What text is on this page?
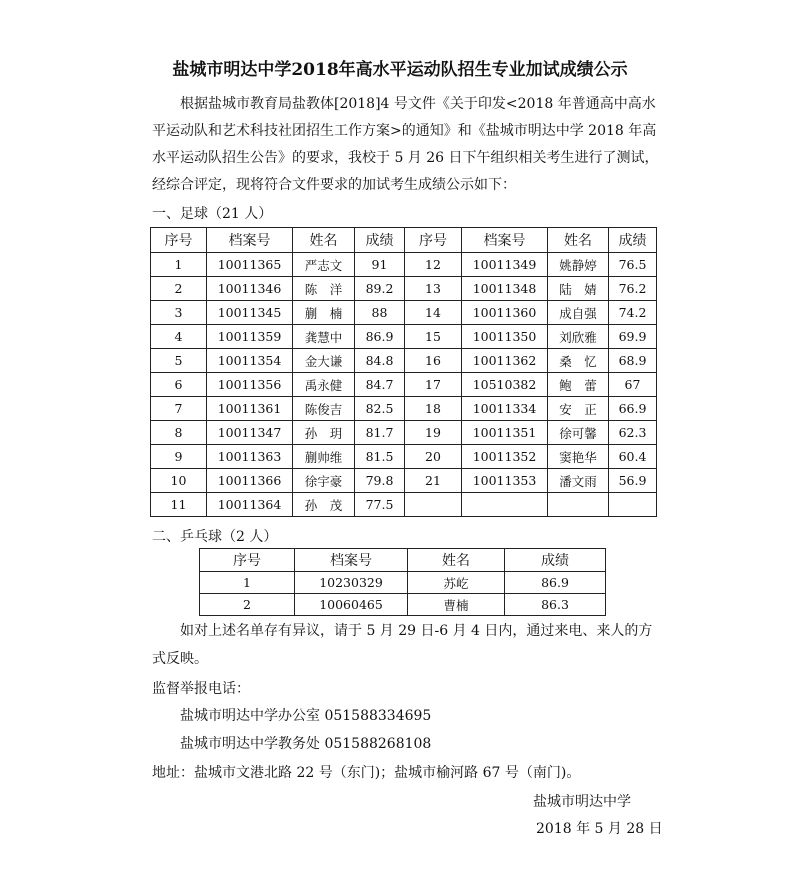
盐城市明达中学2018年高水平运动队招生专业加试成绩公示
根据盐城市教育局盐教体[2018]4 号文件《关于印发<2018 年普通高中高水
平运动队和艺术科技社团招生工作方案>的通知》和《盐城市明达中学 2018 年高
水平运动队招生公告》的要求，我校于 5 月 26 日下午组织相关考生进行了测试，
经综合评定，现将符合文件要求的加试考生成绩公示如下：
一、足球（21 人）
序号	档案号	姓名	成绩	序号	档案号	姓名	成绩
1	10011365	严志文	91	12	10011349	姚静婷	76.5
2	10011346	陈　洋	89.2	13	10011348	陆　婧	76.2
3	10011345	蒯　楠	88	14	10011360	成自强	74.2
4	10011359	龚慧中	86.9	15	10011350	刘欣雅	69.9
5	10011354	金大谦	84.8	16	10011362	桑　忆	68.9
6	10011356	禹永健	84.7	17	10510382	鲍　蕾	67
7	10011361	陈俊吉	82.5	18	10011334	安　正	66.9
8	10011347	孙　玥	81.7	19	10011351	徐可馨	62.3
9	10011363	蒯帅维	81.5	20	10011352	窦艳华	60.4
10	10011366	徐宇豪	79.8	21	10011353	潘文雨	56.9
11	10011364	孙　茂	77.5				
二、乒乓球（2 人）
序号	档案号	姓名	成绩
1	10230329	苏屹	86.9
2	10060465	曹楠	86.3
如对上述名单存有异议，请于 5 月 29 日-6 月 4 日内，通过来电、来人的方
式反映。
监督举报电话：
盐城市明达中学办公室 051588334695
盐城市明达中学教务处 051588268108
地址：盐城市文港北路 22 号（东门)；盐城市榆河路 67 号（南门)。
盐城市明达中学
2018 年 5 月 28 日
